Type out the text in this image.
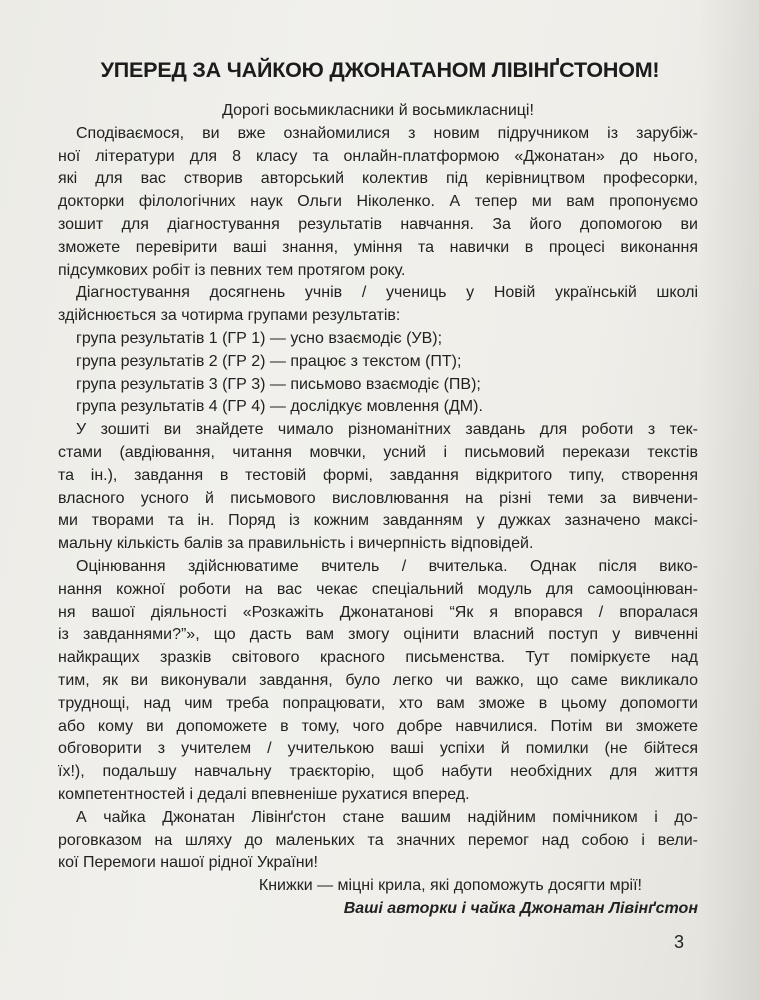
УПЕРЕД ЗА ЧАЙКОЮ ДЖОНАТАНОМ ЛІВІНҐСТОНОМ!
Дорогі восьмикласники й восьмикласниці!
Сподіваємося, ви вже ознайомилися з новим підручником із зарубіж-
ної літератури для 8 класу та онлайн-платформою «Джонатан» до нього,
які для вас створив авторський колектив під керівництвом професорки,
докторки філологічних наук Ольги Ніколенко. А тепер ми вам пропонуємо
зошит для діагностування результатів навчання. За його допомогою ви
зможете перевірити ваші знання, уміння та навички в процесі виконання
підсумкових робіт із певних тем протягом року.
Діагностування досягнень учнів / учениць у Новій українській школі
здійснюється за чотирма групами результатів:
група результатів 1 (ГР 1) — усно взаємодіє (УВ);
група результатів 2 (ГР 2) — працює з текстом (ПТ);
група результатів 3 (ГР 3) — письмово взаємодіє (ПВ);
група результатів 4 (ГР 4) — дослідкує мовлення (ДМ).
У зошиті ви знайдете чимало різноманітних завдань для роботи з тек-
стами (авдіювання, читання мовчки, усний і письмовий перекази текстів
та ін.), завдання в тестовій формі, завдання відкритого типу, створення
власного усного й письмового висловлювання на різні теми за вивчени-
ми творами та ін. Поряд із кожним завданням у дужках зазначено максі-
мальну кількість балів за правильність і вичерпність відповідей.
Оцінювання здійснюватиме вчитель / вчителька. Однак після вико-
нання кожної роботи на вас чекає спеціальний модуль для самооцінюван-
ня вашої діяльності «Розкажіть Джонатанові “Як я впорався / впоралася
із завданнями?”», що дасть вам змогу оцінити власний поступ у вивченні
найкращих зразків світового красного письменства. Тут поміркуєте над
тим, як ви виконували завдання, було легко чи важко, що саме викликало
труднощі, над чим треба попрацювати, хто вам зможе в цьому допомогти
або кому ви допоможете в тому, чого добре навчилися. Потім ви зможете
обговорити з учителем / учителькою ваші успіхи й помилки (не бійтеся
їх!), подальшу навчальну траєкторію, щоб набути необхідних для життя
компетентностей і дедалі впевненіше рухатися вперед.
А чайка Джонатан Лівінґстон стане вашим надійним помічником і до-
роговказом на шляху до маленьких та значних перемог над собою і вели-
кої Перемоги нашої рідної України!
Книжки — міцні крила, які допоможуть досягти мрії!
Ваші авторки і чайка Джонатан Лівінґстон
3
